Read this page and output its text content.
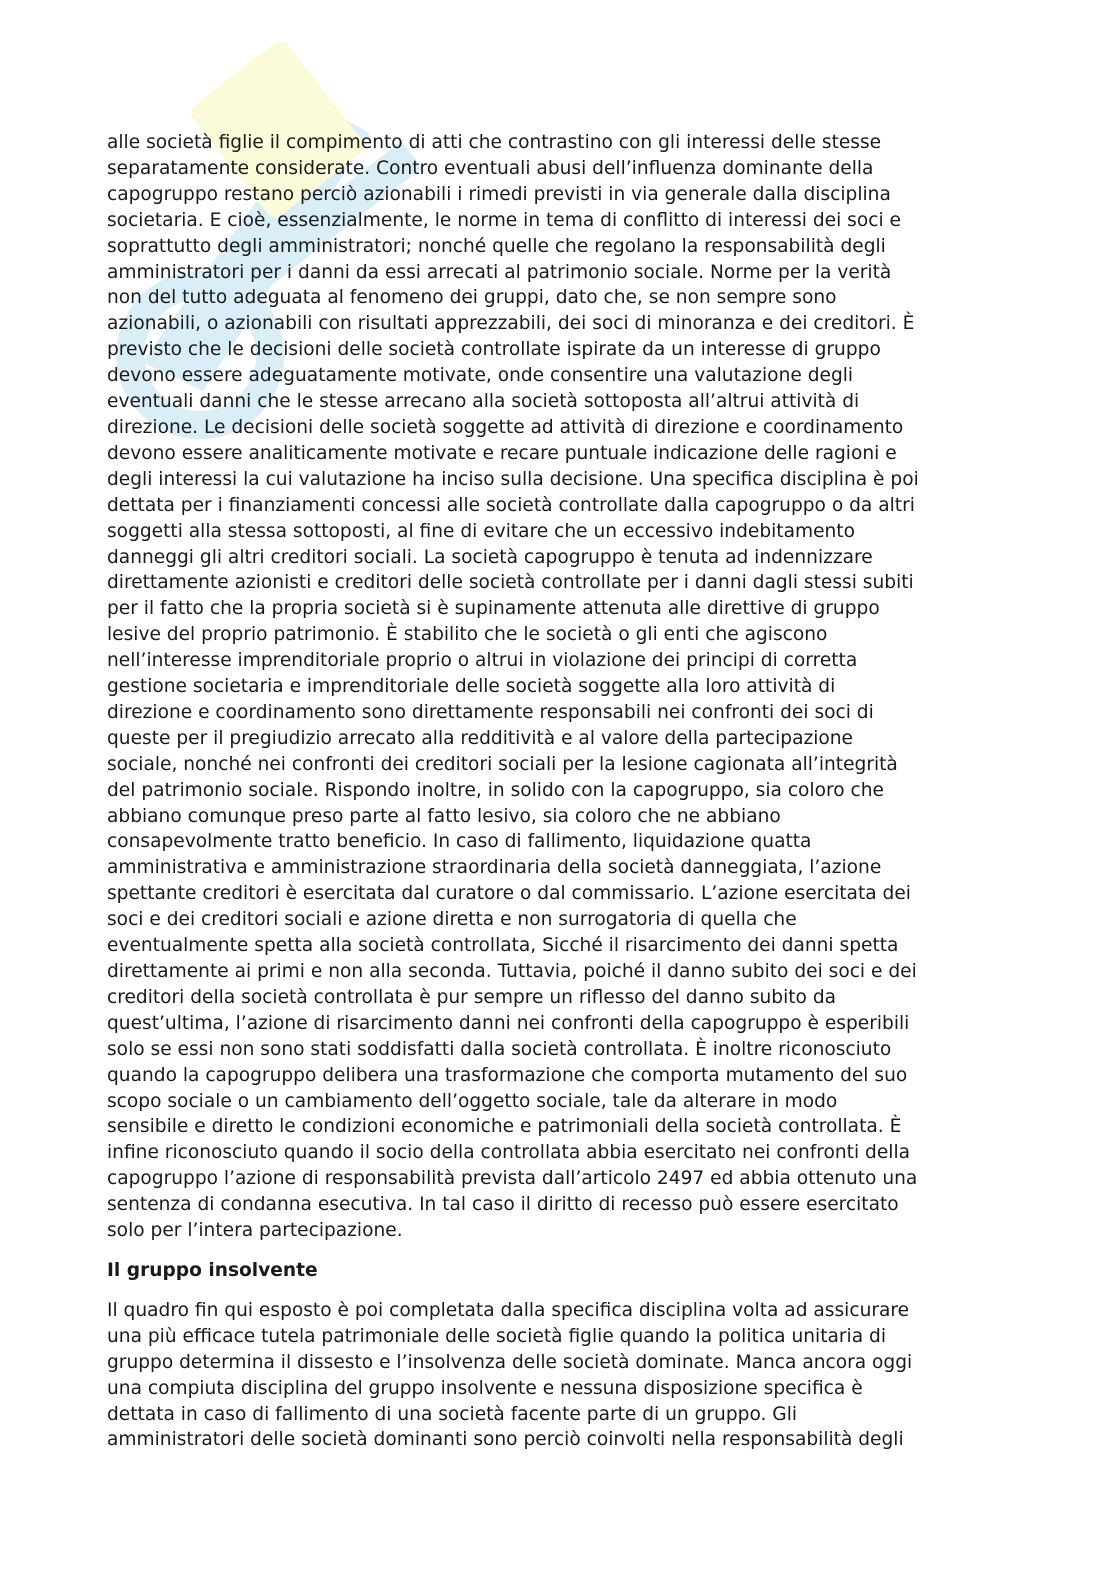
alle società figlie il compimento di atti che contrastino con gli interessi delle stesse
separatamente considerate. Contro eventuali abusi dell’influenza dominante della
capogruppo restano perciò azionabili i rimedi previsti in via generale dalla disciplina
societaria. E cioè, essenzialmente, le norme in tema di conflitto di interessi dei soci e
soprattutto degli amministratori; nonché quelle che regolano la responsabilità degli
amministratori per i danni da essi arrecati al patrimonio sociale. Norme per la verità
non del tutto adeguata al fenomeno dei gruppi, dato che, se non sempre sono
azionabili, o azionabili con risultati apprezzabili, dei soci di minoranza e dei creditori. È
previsto che le decisioni delle società controllate ispirate da un interesse di gruppo
devono essere adeguatamente motivate, onde consentire una valutazione degli
eventuali danni che le stesse arrecano alla società sottoposta all’altrui attività di
direzione. Le decisioni delle società soggette ad attività di direzione e coordinamento
devono essere analiticamente motivate e recare puntuale indicazione delle ragioni e
degli interessi la cui valutazione ha inciso sulla decisione. Una specifica disciplina è poi
dettata per i finanziamenti concessi alle società controllate dalla capogruppo o da altri
soggetti alla stessa sottoposti, al fine di evitare che un eccessivo indebitamento
danneggi gli altri creditori sociali. La società capogruppo è tenuta ad indennizzare
direttamente azionisti e creditori delle società controllate per i danni dagli stessi subiti
per il fatto che la propria società si è supinamente attenuta alle direttive di gruppo
lesive del proprio patrimonio. È stabilito che le società o gli enti che agiscono
nell’interesse imprenditoriale proprio o altrui in violazione dei principi di corretta
gestione societaria e imprenditoriale delle società soggette alla loro attività di
direzione e coordinamento sono direttamente responsabili nei confronti dei soci di
queste per il pregiudizio arrecato alla redditività e al valore della partecipazione
sociale, nonché nei confronti dei creditori sociali per la lesione cagionata all’integrità
del patrimonio sociale. Rispondo inoltre, in solido con la capogruppo, sia coloro che
abbiano comunque preso parte al fatto lesivo, sia coloro che ne abbiano
consapevolmente tratto beneficio. In caso di fallimento, liquidazione quatta
amministrativa e amministrazione straordinaria della società danneggiata, l’azione
spettante creditori è esercitata dal curatore o dal commissario. L’azione esercitata dei
soci e dei creditori sociali e azione diretta e non surrogatoria di quella che
eventualmente spetta alla società controllata, Sicché il risarcimento dei danni spetta
direttamente ai primi e non alla seconda. Tuttavia, poiché il danno subito dei soci e dei
creditori della società controllata è pur sempre un riflesso del danno subito da
quest’ultima, l’azione di risarcimento danni nei confronti della capogruppo è esperibili
solo se essi non sono stati soddisfatti dalla società controllata. È inoltre riconosciuto
quando la capogruppo delibera una trasformazione che comporta mutamento del suo
scopo sociale o un cambiamento dell’oggetto sociale, tale da alterare in modo
sensibile e diretto le condizioni economiche e patrimoniali della società controllata. È
infine riconosciuto quando il socio della controllata abbia esercitato nei confronti della
capogruppo l’azione di responsabilità prevista dall’articolo 2497 ed abbia ottenuto una
sentenza di condanna esecutiva. In tal caso il diritto di recesso può essere esercitato
solo per l’intera partecipazione.

Il gruppo insolvente

Il quadro fin qui esposto è poi completata dalla specifica disciplina volta ad assicurare
una più efficace tutela patrimoniale delle società figlie quando la politica unitaria di
gruppo determina il dissesto e l’insolvenza delle società dominate. Manca ancora oggi
una compiuta disciplina del gruppo insolvente e nessuna disposizione specifica è
dettata in caso di fallimento di una società facente parte di un gruppo. Gli
amministratori delle società dominanti sono perciò coinvolti nella responsabilità degli
